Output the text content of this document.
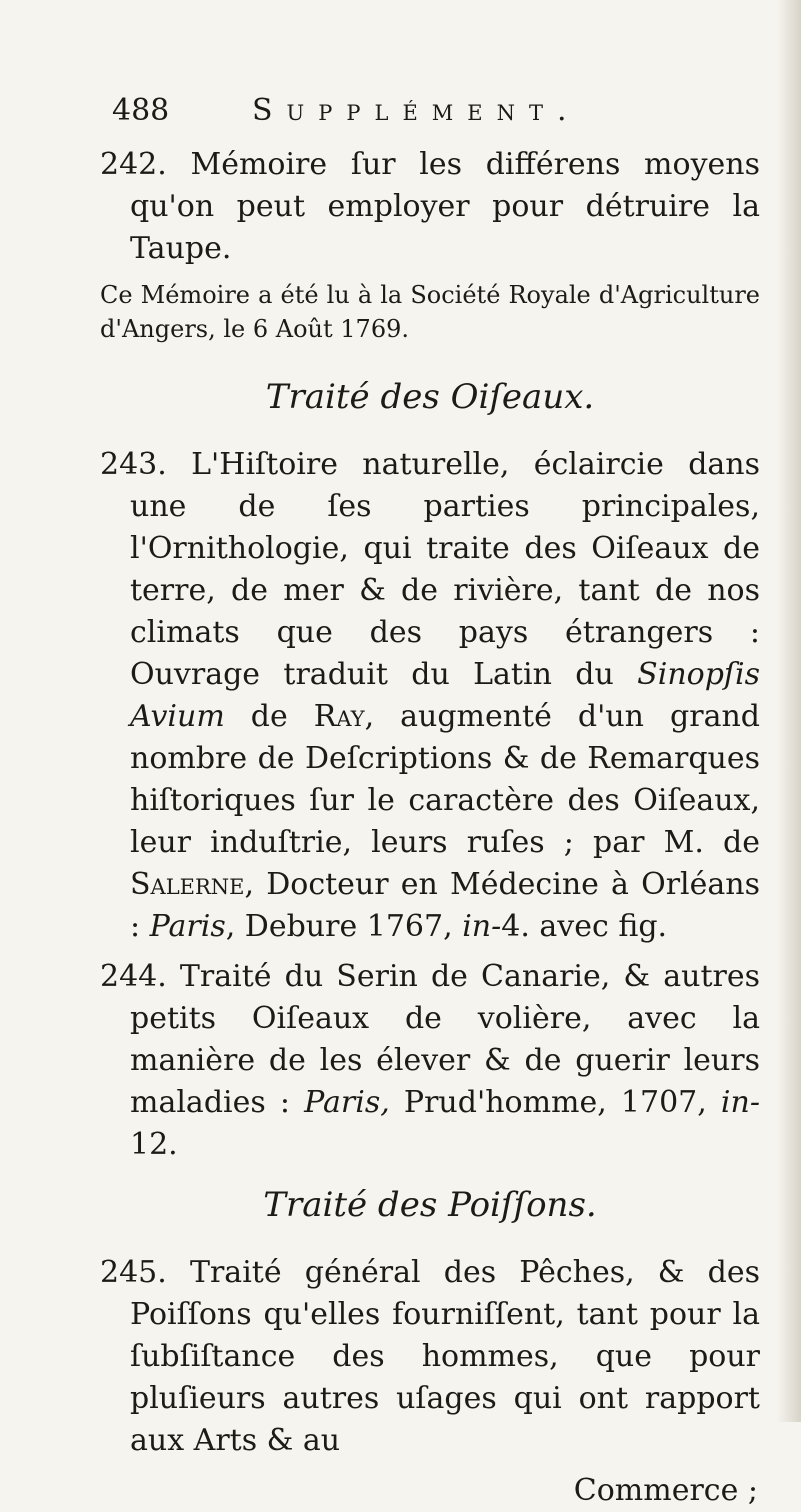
488	Supplément.

242. Mémoire ſur les différens moyens qu'on peut employer pour détruire la Taupe.

Ce Mémoire a été lu à la Société Royale d'Agriculture d'Angers, le 6 Août 1769.

Traité des Oiſeaux.

243. L'Hiſtoire naturelle, éclaircie dans une de ſes parties principales, l'Ornithologie, qui traite des Oiſeaux de terre, de mer & de rivière, tant de nos climats que des pays étrangers : Ouvrage traduit du Latin du Sinopſis Avium de Ray, augmenté d'un grand nombre de Deſcriptions & de Remarques hiſtoriques ſur le caractère des Oiſeaux, leur induſtrie, leurs ruſes ; par M. de Salerne, Docteur en Médecine à Orléans : Paris, Debure 1767, in-4. avec fig.

244. Traité du Serin de Canarie, & autres petits Oiſeaux de volière, avec la manière de les élever & de guerir leurs maladies : Paris, Prud'homme, 1707, in-12.

Traité des Poiſſons.

245. Traité général des Pêches, & des Poiſſons qu'elles fourniſſent, tant pour la ſubſiſtance des hommes, que pour pluſieurs autres uſages qui ont rapport aux Arts & au

Commerce ;
